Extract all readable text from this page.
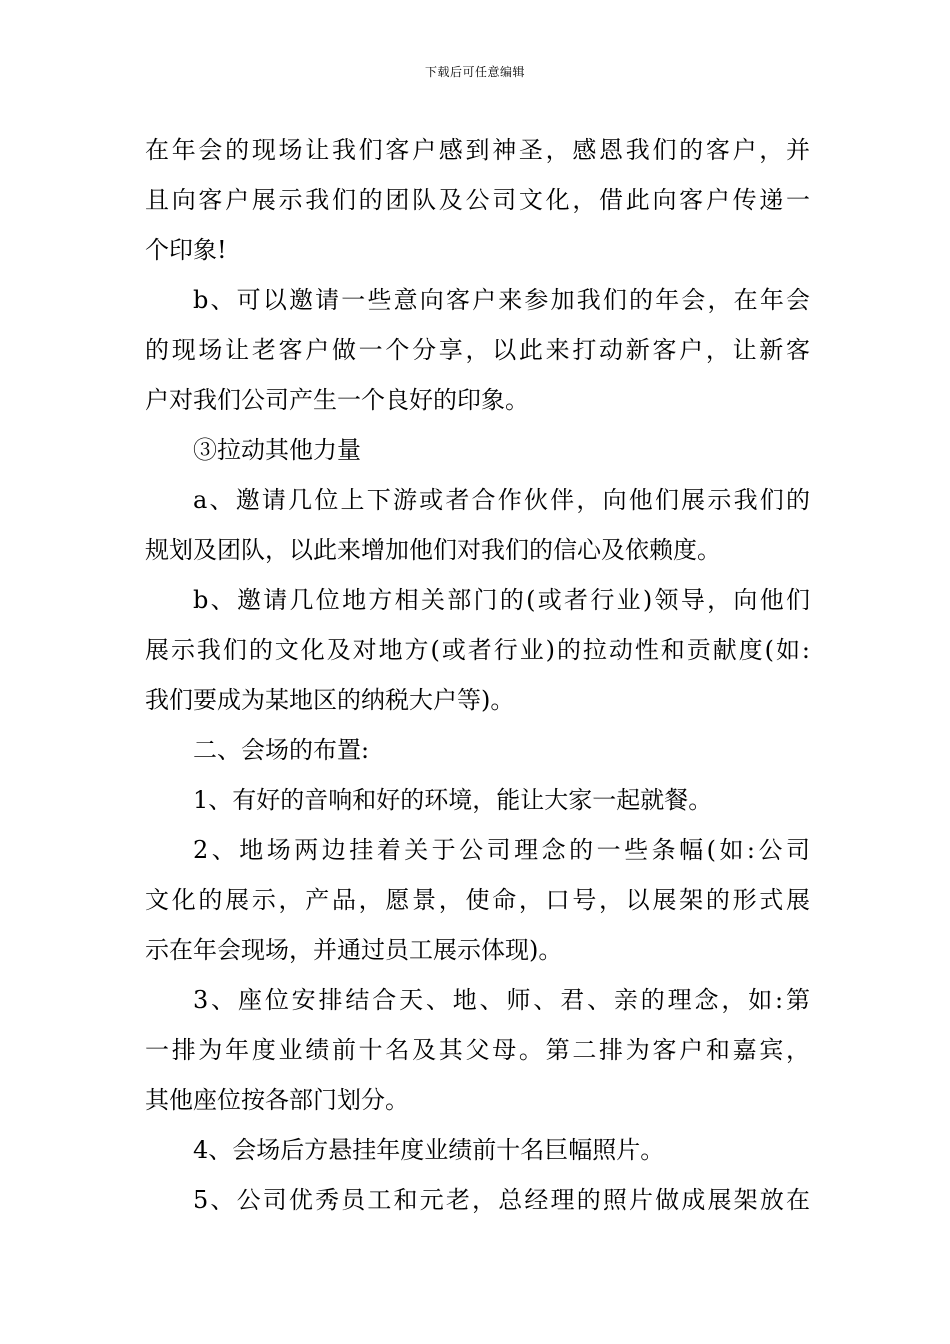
下载后可任意编辑
在年会的现场让我们客户感到神圣，感恩我们的客户，并
且向客户展示我们的团队及公司文化，借此向客户传递一
个印象!
b、可以邀请一些意向客户来参加我们的年会，在年会
的现场让老客户做一个分享，以此来打动新客户，让新客
户对我们公司产生一个良好的印象。
③拉动其他力量
a、邀请几位上下游或者合作伙伴，向他们展示我们的
规划及团队，以此来增加他们对我们的信心及依赖度。
b、邀请几位地方相关部门的(或者行业)领导，向他们
展示我们的文化及对地方(或者行业)的拉动性和贡献度(如:
我们要成为某地区的纳税大户等)。
二、会场的布置:
1、有好的音响和好的环境，能让大家一起就餐。
2、地场两边挂着关于公司理念的一些条幅(如:公司
文化的展示，产品，愿景，使命，口号，以展架的形式展
示在年会现场，并通过员工展示体现)。
3、座位安排结合天、地、师、君、亲的理念，如:第
一排为年度业绩前十名及其父母。第二排为客户和嘉宾，
其他座位按各部门划分。
4、会场后方悬挂年度业绩前十名巨幅照片。
5、公司优秀员工和元老，总经理的照片做成展架放在
